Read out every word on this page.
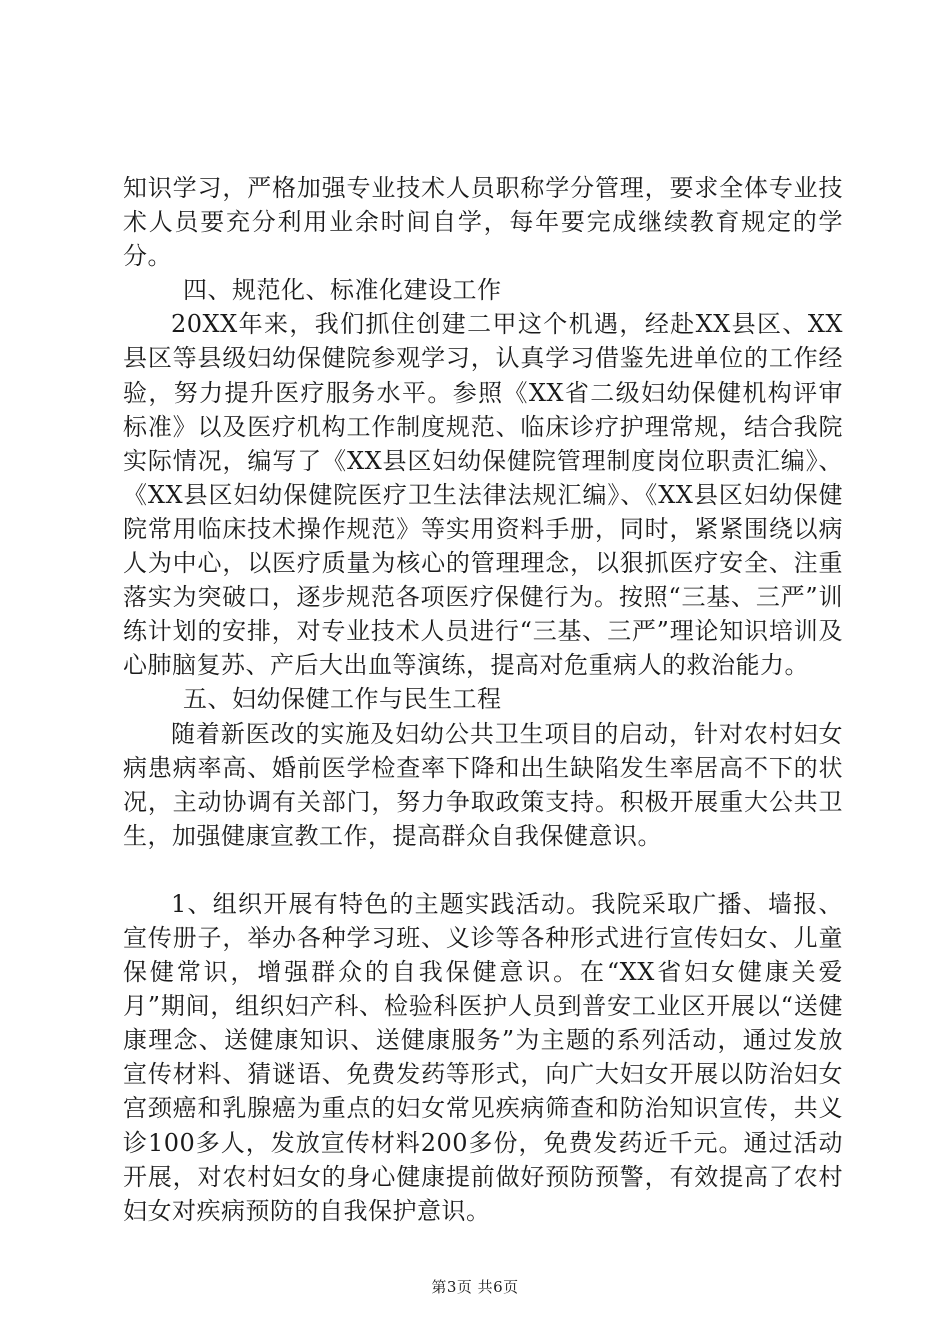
知识学习，严格加强专业技术人员职称学分管理，要求全体专业技术人员要充分利用业余时间自学，每年要完成继续教育规定的学分。

四、规范化、标准化建设工作

20XX年来，我们抓住创建二甲这个机遇，经赴XX县区、XX县区等县级妇幼保健院参观学习，认真学习借鉴先进单位的工作经验，努力提升医疗服务水平。参照《XX省二级妇幼保健机构评审标准》以及医疗机构工作制度规范、临床诊疗护理常规，结合我院实际情况，编写了《XX县区妇幼保健院管理制度岗位职责汇编》、《XX县区妇幼保健院医疗卫生法律法规汇编》、《XX县区妇幼保健院常用临床技术操作规范》等实用资料手册，同时，紧紧围绕以病人为中心，以医疗质量为核心的管理理念，以狠抓医疗安全、注重落实为突破口，逐步规范各项医疗保健行为。按照“三基、三严”训练计划的安排，对专业技术人员进行“三基、三严”理论知识培训及心肺脑复苏、产后大出血等演练，提高对危重病人的救治能力。

五、妇幼保健工作与民生工程

随着新医改的实施及妇幼公共卫生项目的启动，针对农村妇女病患病率高、婚前医学检查率下降和出生缺陷发生率居高不下的状况，主动协调有关部门，努力争取政策支持。积极开展重大公共卫生，加强健康宣教工作，提高群众自我保健意识。

1、组织开展有特色的主题实践活动。我院采取广播、墙报、宣传册子，举办各种学习班、义诊等各种形式进行宣传妇女、儿童保健常识，增强群众的自我保健意识。在“XX省妇女健康关爱月”期间，组织妇产科、检验科医护人员到普安工业区开展以“送健康理念、送健康知识、送健康服务”为主题的系列活动，通过发放宣传材料、猜谜语、免费发药等形式，向广大妇女开展以防治妇女宫颈癌和乳腺癌为重点的妇女常见疾病筛查和防治知识宣传，共义诊100多人，发放宣传材料200多份，免费发药近千元。通过活动开展，对农村妇女的身心健康提前做好预防预警，有效提高了农村妇女对疾病预防的自我保护意识。

第3页 共6页
